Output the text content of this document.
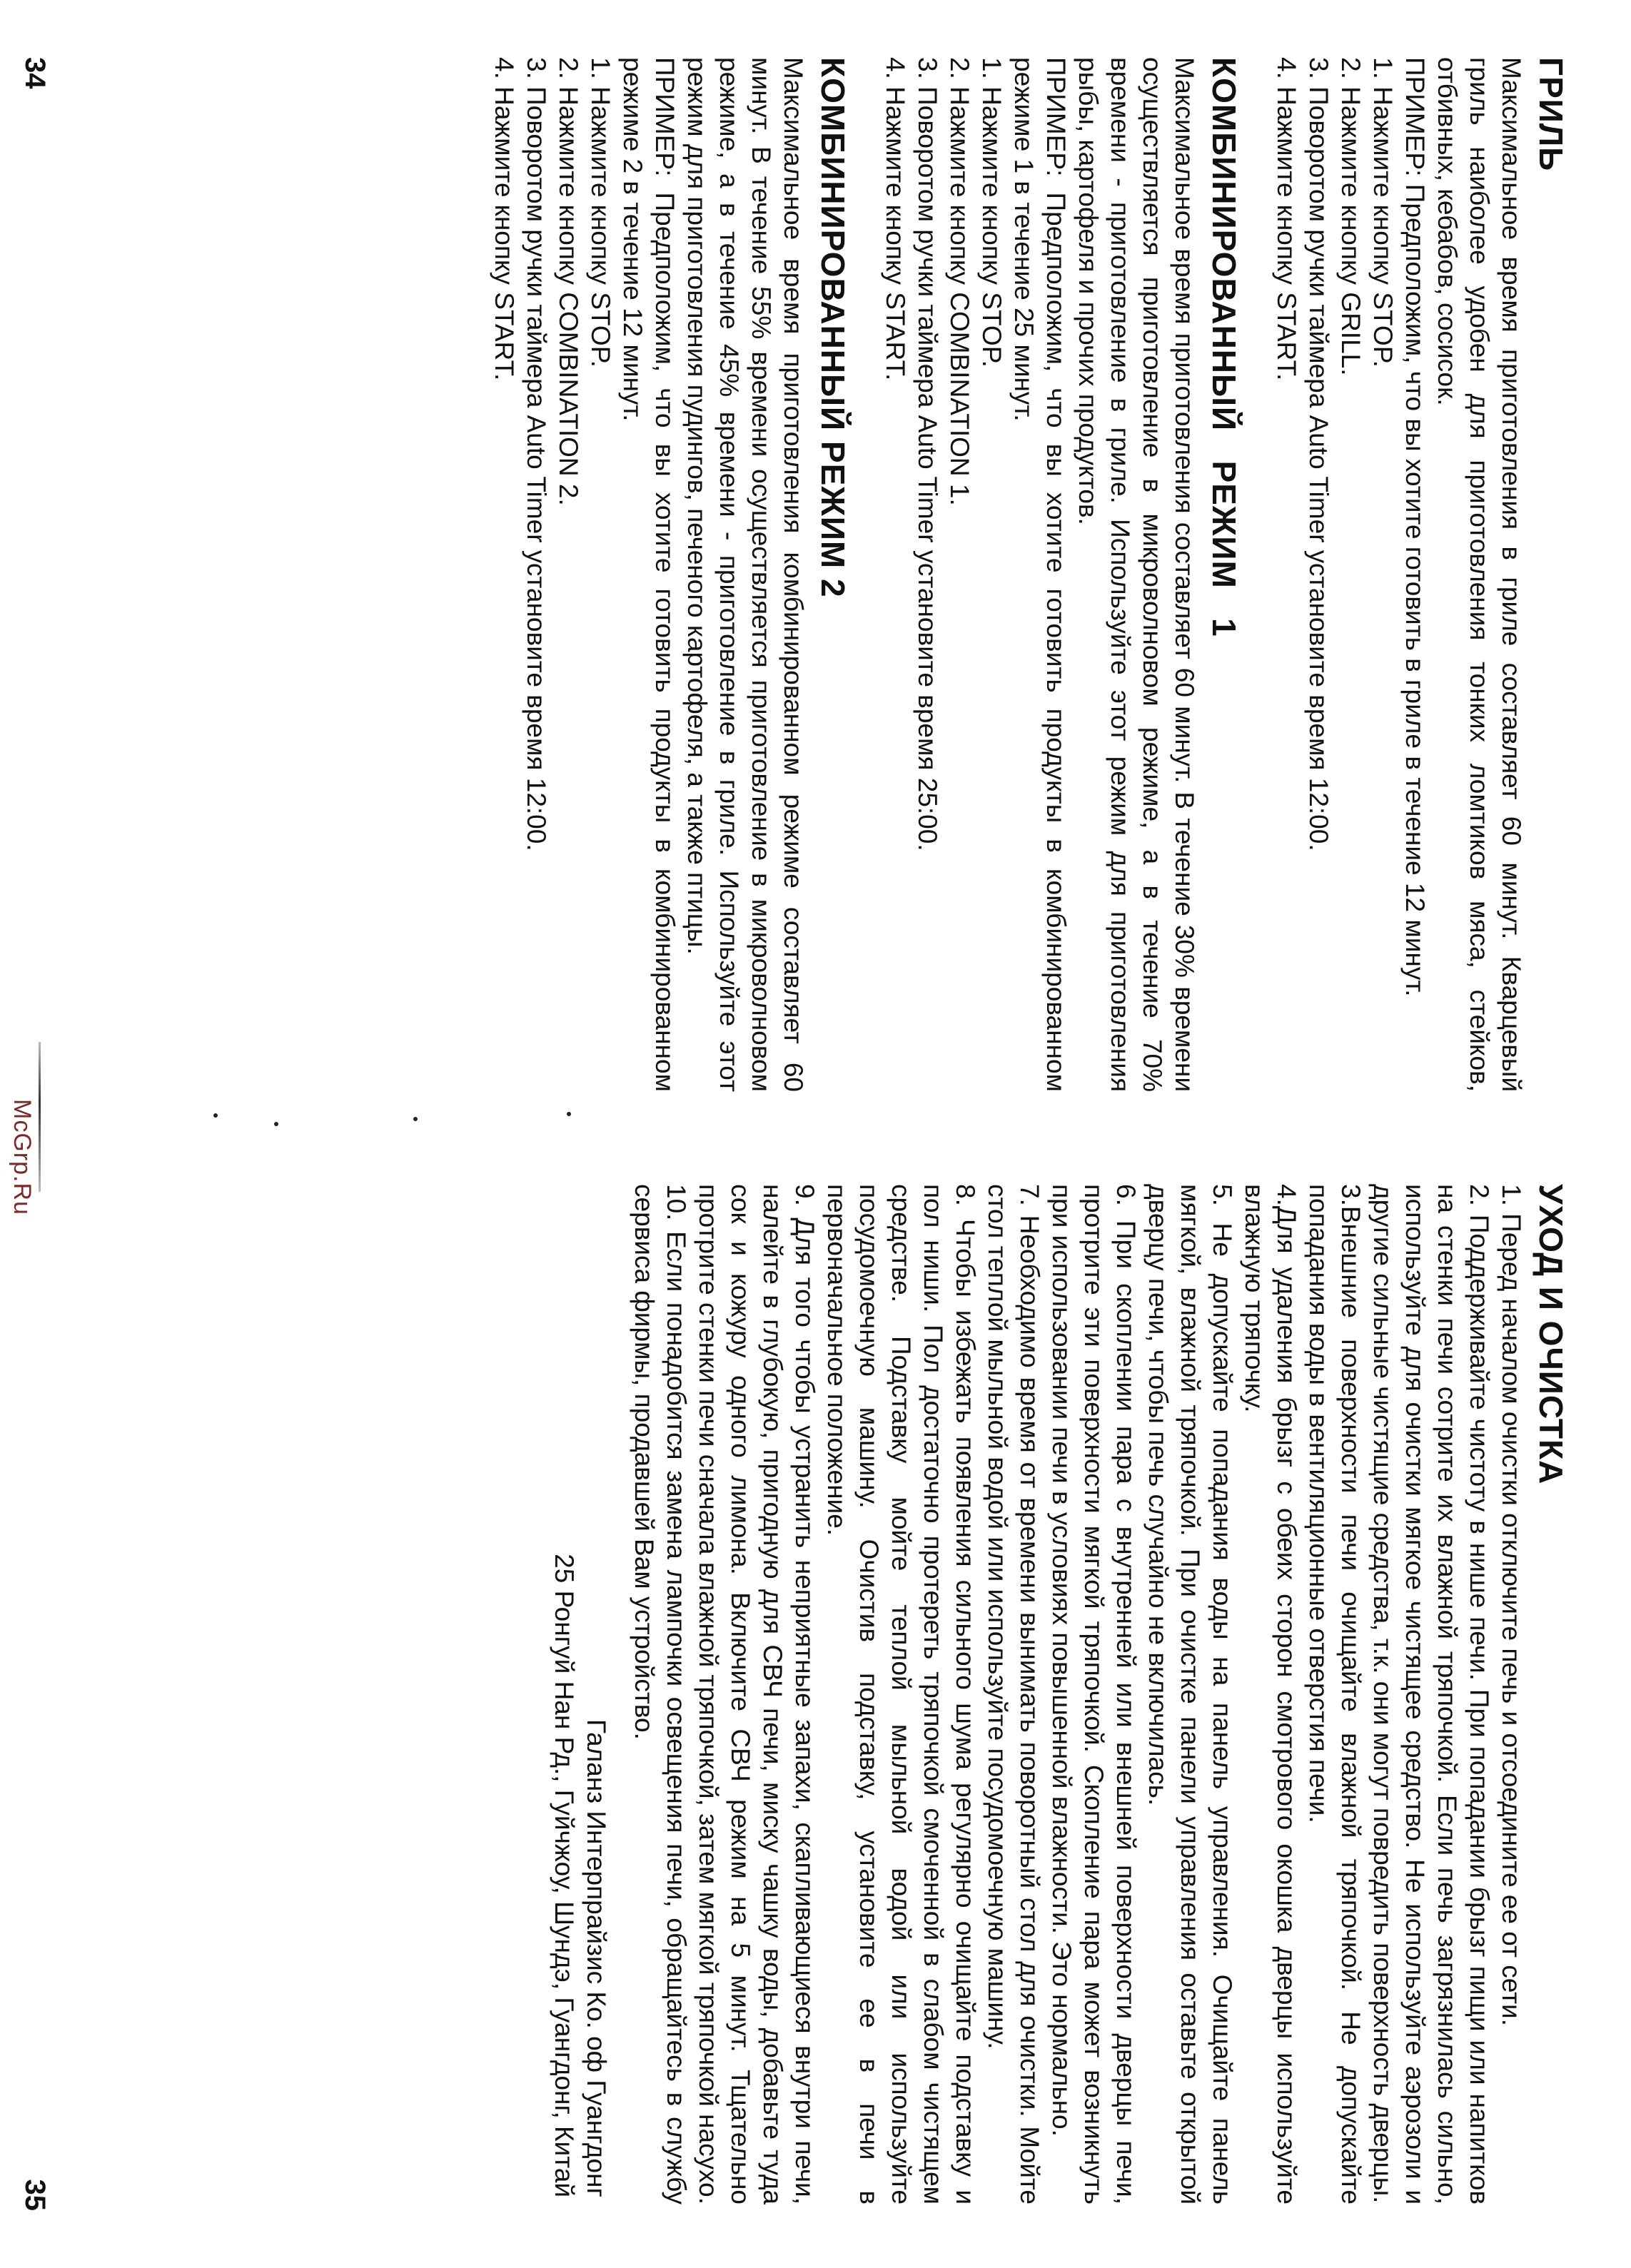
ГРИЛЬ

Максимальное время приготовления в гриле составляет 60 минут. Кварцевый гриль наиболее удобен для приготовления тонких ломтиков мяса, стейков, отбивных, кебабов, сосисок.

ПРИМЕР: Предположим, что вы хотите готовить в гриле в течение 12 минут.

1. Нажмите кнопку STOP.
2. Нажмите кнопку GRILL.
3. Поворотом ручки таймера Auto Timer установите время 12:00.
4. Нажмите кнопку START.
КОМБИНИРОВАННЫЙ   РЕЖИМ   1

Максимальное время приготовления составляет 60 минут. В течение 30% времени осуществляется приготовление в микроволновом режиме, а в течение 70% времени - приготовление в гриле. Используйте этот режим для приготовления рыбы, картофеля и прочих продуктов.

ПРИМЕР: Предположим, что вы хотите готовить продукты в комбинированном режиме 1 в течение 25 минут.

1. Нажмите кнопку STOP.
2. Нажмите кнопку COMBINATION 1.
3. Поворотом ручки таймера Auto Timer установите время 25:00.
4. Нажмите кнопку START.
КОМБИНИРОВАННЫЙ РЕЖИМ 2

Максимальное время приготовления комбинированном режиме составляет 60 минут. В течение 55% времени осуществляется приготовление в микроволновом режиме, а в течение 45% времени - приготовление в гриле. Используйте этот режим для приготовления пудингов, печеного картофеля, а также птицы.

ПРИМЕР: Предположим, что вы хотите готовить продукты в комбинированном режиме 2 в течение 12 минут.

1. Нажмите кнопку STOP.
2. Нажмите кнопку COMBINATION 2.
3. Поворотом ручки таймера Auto Timer установите время 12:00.
4. Нажмите кнопку START.
34
УХОД И ОЧИСТКА

1. Перед началом очистки отключите печь и отсоедините ее от сети.

2. Поддерживайте чистоту в нише печи. При попадании брызг пищи или напитков на стенки печи сотрите их влажной тряпочкой. Если печь загрязнилась сильно, используйте для очистки мягкое чистящее средство. Не используйте аэрозоли и другие сильные чистящие средства, т.к. они могут повредить поверхность дверцы.

3.Внешние поверхности печи очищайте влажной тряпочкой. Не допускайте попадания воды в вентиляционные отверстия печи.

4.Для удаления брызг с обеих сторон смотрового окошка дверцы используйте влажную тряпочку.

5. Не допускайте попадания воды на панель управления. Очищайте панель мягкой, влажной тряпочкой. При очистке панели управления оставьте открытой дверцу печи, чтобы печь случайно не включилась.

6. При скоплении пара с внутренней или внешней поверхности дверцы печи, протрите эти поверхности мягкой тряпочкой. Скопление пара может возникнуть при использовании печи в условиях повышенной влажности. Это нормально.

7. Необходимо время от времени вынимать поворотный стол для очистки. Мойте стол теплой мыльной водой или используйте посудомоечную машину.

8. Чтобы избежать появления сильного шума регулярно очищайте подставку и пол ниши. Пол достаточно протереть тряпочкой смоченной в слабом чистящем средстве. Подставку мойте теплой мыльной водой или используйте посудомоечную машину. Очистив подставку, установите ее в печи в первоначальное положение.

9. Для того чтобы устранить неприятные запахи, скапливающиеся внутри печи, налейте в глубокую, пригодную для СВЧ печи, миску чашку воды, добавьте туда сок и кожуру одного лимона. Включите СВЧ режим на 5 минут. Тщательно протрите стенки печи сначала влажной тряпочкой, затем мягкой тряпочкой насухо.

10. Если понадобится замена лампочки освещения печи, обращайтесь в службу сервиса фирмы, продавшей Вам устройство.

Галанз Интерпрайзис Ко. оф Гуангдонг
25 Ронгуй Нан Рд., Гуйчжоу, Шундэ, Гуангдонг, Китай
35
McGrp.Ru
